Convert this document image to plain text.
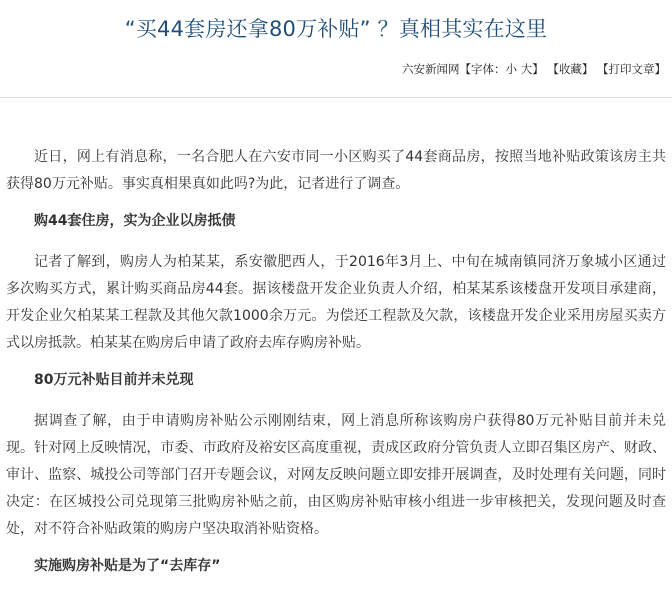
“买44套房还拿80万补贴” ？真相其实在这里
六安新闻网【字体：小 大】 【收藏】 【打印文章】

近日，网上有消息称，一名合肥人在六安市同一小区购买了44套商品房，按照当地补贴政策该房主共获得80万元补贴。事实真相果真如此吗?为此，记者进行了调查。

购44套住房，实为企业以房抵债

记者了解到，购房人为柏某某，系安徽肥西人，于2016年3月上、中旬在城南镇同济万象城小区通过多次购买方式，累计购买商品房44套。据该楼盘开发企业负责人介绍，柏某某系该楼盘开发项目承建商，开发企业欠柏某某工程款及其他欠款1000余万元。为偿还工程款及欠款，该楼盘开发企业采用房屋买卖方式以房抵款。柏某某在购房后申请了政府去库存购房补贴。

80万元补贴目前并未兑现

据调查了解，由于申请购房补贴公示刚刚结束，网上消息所称该购房户获得80万元补贴目前并未兑现。针对网上反映情况，市委、市政府及裕安区高度重视，责成区政府分管负责人立即召集区房产、财政、审计、监察、城投公司等部门召开专题会议，对网友反映问题立即安排开展调查，及时处理有关问题，同时决定：在区城投公司兑现第三批购房补贴之前，由区购房补贴审核小组进一步审核把关，发现问题及时查处，对不符合补贴政策的购房户坚决取消补贴资格。

实施购房补贴是为了“去库存”
